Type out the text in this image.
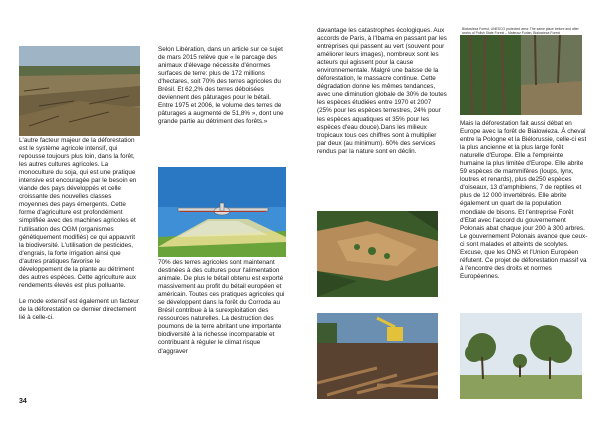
L'autre facteur majeur de la déforestation est le système agricole intensif, qui repousse toujours plus loin, dans la forêt, les autres cultures agricoles. La monoculture du soja, qui est une pratique intensive est encouragée par le besoin en viande des pays développés et celle croissante des nouvelles classes moyennes des pays émergents. Cette forme d'agriculture est profondément simplifiée avec des machines agricoles et l'utilisation des OGM (organismes génétiquement modifiés) ce qui appauvrit la biodiversité. L'utilisation de pesticides, d'engrais, la forte irrigation ainsi que d'autres pratiques favorise le développement de la plante au détriment des autres espèces. Cette agriculture aux rendements élevés est plus polluante.

Le mode extensif est également un facteur de la déforestation ce dernier directement lié à celle-ci.

34

Selon Libération, dans un article sur ce sujet de mars 2015 relève que « le parcage des animaux d'élevage nécessite d'énormes surfaces de terre: plus de 172 millions d'hectares, soit 70% des terres agricoles du Brésil. Et 62,2% des terres déboisées deviennent des pâturages pour le bétail. Entre 1975 et 2006, le volume des terres de pâturages a augmenté de 51,8% », dont une grande partie au détriment des forêts.»

70% des terres agricoles sont maintenant destinées à des cultures pour l'alimentation animale. De plus le bétail obtenu est exporté massivement au profit du bétail européen et américain. Toutes ces pratiques agricoles qui se développent dans la forêt du Corroda au Brésil contribue à la surexploitation des ressources naturelles. La destruction des poumons de la terre abritant une importante biodiversité à la richesse incomparable et contribuant à réguler le climat risque d'aggraver

davantage les catastrophes écologiques. Aux accords de Paris, à l'Ibama en passant par les entreprises qui passent au vert (souvent pour améliorer leurs images), nombreux sont les acteurs qui agissent pour la cause environnementale. Malgré une baisse de la déforestation, le massacre continue. Cette dégradation donne les mêmes tendances, avec une diminution globale de 30% de toutes les espèces étudiées entre 1970 et 2007 (25% pour les espèces terrestres, 24% pour les espèces aquatiques et 35% pour les espèces d'eau douce).Dans les milieux tropicaux tous ces chiffres sont à multiplier par deux (au minimum). 60% des services rendus par la nature sont en déclin.

Bialowieza Forest, UNESCO protected area: The same place before and after works of Polish State Forest – Mateusz Furlan, Bialowieza Forest

Mais la déforestation fait aussi débat en Europe avec la forêt de Bialowieza. À cheval entre la Pologne et la Biélorussie, celle-ci est la plus ancienne et la plus large forêt naturelle d'Europe. Elle a l'empreinte humaine la plus limitée d'Europe. Elle abrite 59 espèces de mammifères (loups, lynx, loutres et renards), plus de250 espèces d'oiseaux, 13 d'amphibiens, 7 de reptiles et plus de 12 000 invertébrés. Elle abrite également un quart de la population mondiale de bisons. Et l'entreprise Forêt d'Etat avec l'accord du gouvernement Polonais abat chaque jour 200 à 300 arbres. Le gouvernement Polonais avance que ceux-ci sont malades et atteints de scolytes. Excuse, que les ONG et l'Union Européen réfutent. Ce projet de déforestation massif va à l'encontre des droits et normes Européennes.
